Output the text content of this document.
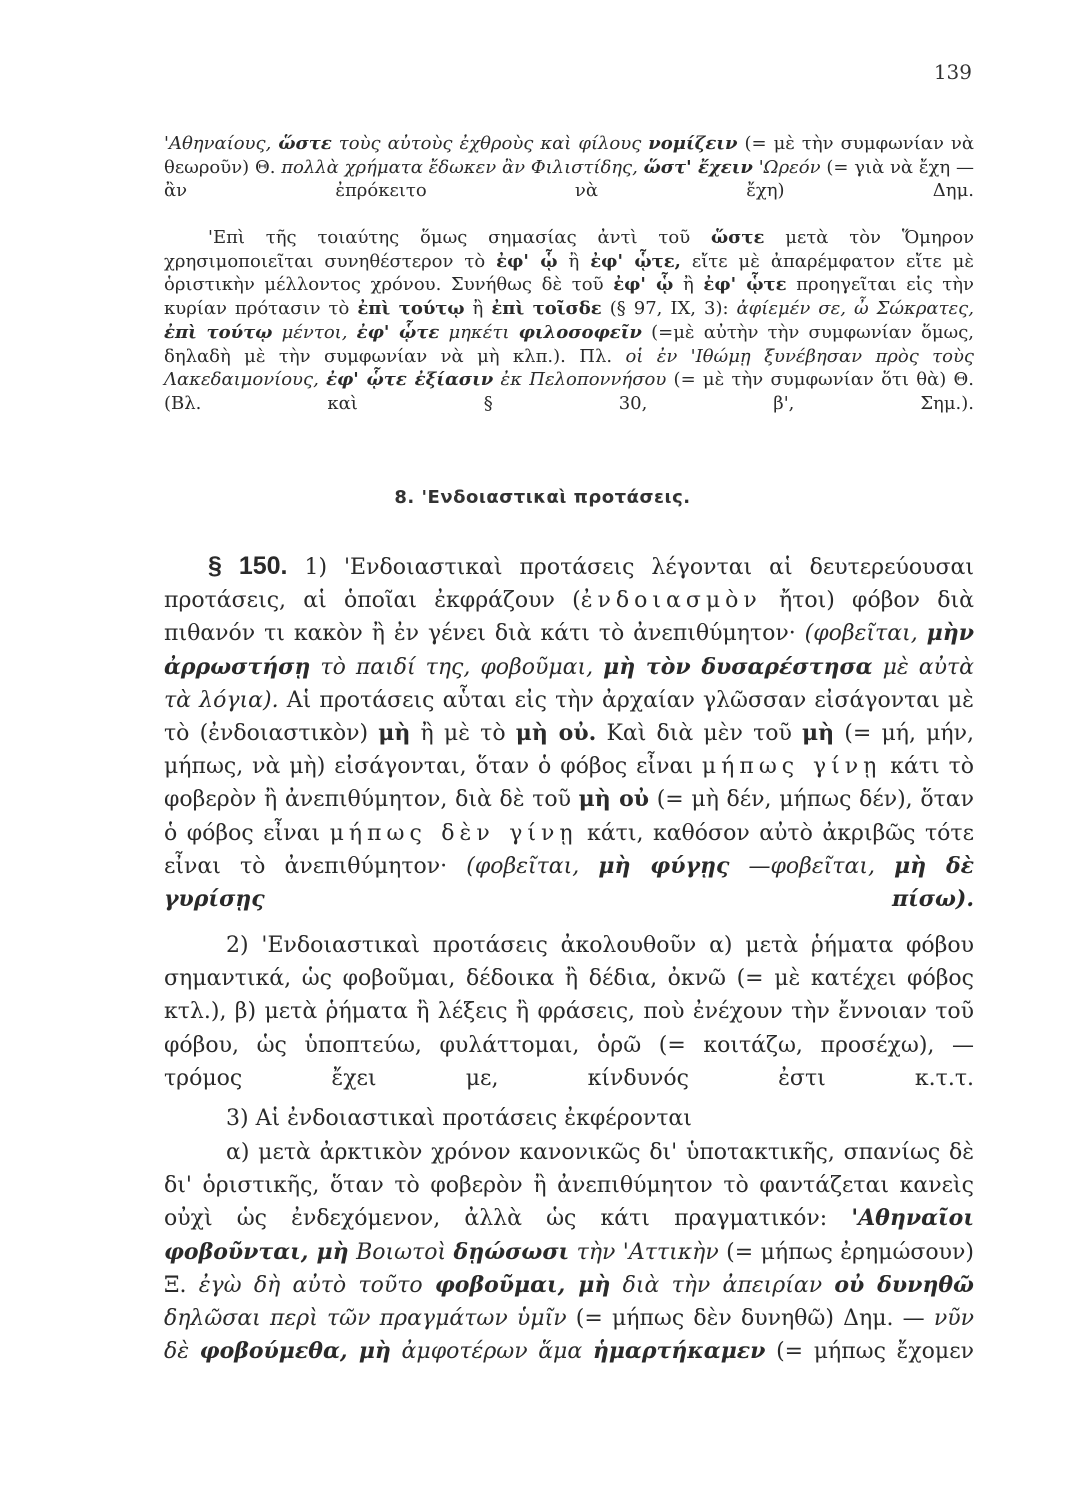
139

'Αθηναίους, ὥστε τοὺς αὐτοὺς ἐχθροὺς καὶ φίλους νομίζειν (= μὲ τὴν συμφωνίαν νὰ θεωροῦν) Θ. πολλὰ χρήματα ἔδωκεν ἂν Φιλιστίδης, ὥστ' ἔχειν 'Ωρεόν (= γιὰ νὰ ἔχη — ἂν ἐπρόκειτο νὰ ἔχη) Δημ.

'Επὶ τῆς τοιαύτης ὅμως σημασίας ἀντὶ τοῦ ὥστε μετὰ τὸν Ὅμηρον χρησιμοποιεῖται συνηθέστερον τὸ ἐφ' ᾧ ἢ ἐφ' ᾧτε, εἴτε μὲ ἀπαρέμφατον εἴτε μὲ ὁριστικὴν μέλλοντος χρόνου. Συνήθως δὲ τοῦ ἐφ' ᾧ ἢ ἐφ' ᾧτε προηγεῖται εἰς τὴν κυρίαν πρότασιν τὸ ἐπὶ τούτῳ ἢ ἐπὶ τοῖσδε (§ 97, IX, 3): ἀφίεμέν σε, ὦ Σώκρατες, ἐπὶ τούτῳ μέντοι, ἐφ' ᾧτε μηκέτι φιλοσοφεῖν (=μὲ αὐτὴν τὴν συμφωνίαν ὅμως, δηλαδὴ μὲ τὴν συμφωνίαν νὰ μὴ κλπ.). Πλ. οἱ ἐν 'Ιθώμῃ ξυνέβησαν πρὸς τοὺς Λακεδαιμονίους, ἐφ' ᾧτε ἐξίασιν ἐκ Πελοποννήσου (= μὲ τὴν συμφωνίαν ὅτι θὰ) Θ. (Βλ. καὶ § 30, β', Σημ.).

8. 'Ενδοιαστικαὶ προτάσεις.

§ 150. 1) 'Ενδοιαστικαὶ προτάσεις λέγονται αἱ δευτερεύουσαι προτάσεις, αἱ ὁποῖαι ἐκφράζουν (ἐνδοιασμὸν ἤτοι) φόβον διὰ πιθανόν τι κακὸν ἢ ἐν γένει διὰ κάτι τὸ ἀνεπιθύμητον· (φοβεῖται, μὴν ἀρρωστήσῃ τὸ παιδί της, φοβοῦμαι, μὴ τὸν δυσαρέστησα μὲ αὐτὰ τὰ λόγια). Αἱ προτάσεις αὗται εἰς τὴν ἀρχαίαν γλῶσσαν εἰσάγονται μὲ τὸ (ἐνδοιαστικὸν) μὴ ἢ μὲ τὸ μὴ οὐ. Καὶ διὰ μὲν τοῦ μὴ (= μή, μήν, μήπως, νὰ μὴ) εἰσάγονται, ὅταν ὁ φόβος εἶναι μήπως γίνῃ κάτι τὸ φοβερὸν ἢ ἀνεπιθύμητον, διὰ δὲ τοῦ μὴ οὐ (= μὴ δέν, μήπως δέν), ὅταν ὁ φόβος εἶναι μήπως δὲν γίνῃ κάτι, καθόσον αὐτὸ ἀκριβῶς τότε εἶναι τὸ ἀνεπιθύμητον· (φοβεῖται, μὴ φύγῃς —φοβεῖται, μὴ δὲ γυρίσῃς πίσω).

2) 'Ενδοιαστικαὶ προτάσεις ἀκολουθοῦν α) μετὰ ῥήματα φόβου σημαντικά, ὡς φοβοῦμαι, δέδοικα ἢ δέδια, ὀκνῶ (= μὲ κατέχει φόβος κτλ.), β) μετὰ ῥήματα ἢ λέξεις ἢ φράσεις, ποὺ ἐνέχουν τὴν ἔννοιαν τοῦ φόβου, ὡς ὑποπτεύω, φυλάττομαι, ὁρῶ (= κοιτάζω, προσέχω), — τρόμος ἔχει με, κίνδυνός ἐστι κ.τ.τ.

3) Αἱ ἐνδοιαστικαὶ προτάσεις ἐκφέρονται

α) μετὰ ἀρκτικὸν χρόνον κανονικῶς δι' ὑποτακτικῆς, σπανίως δὲ δι' ὁριστικῆς, ὅταν τὸ φοβερὸν ἢ ἀνεπιθύμητον τὸ φαντάζεται κανεὶς οὐχὶ ὡς ἐνδεχόμενον, ἀλλὰ ὡς κάτι πραγματικόν: 'Αθηναῖοι φοβοῦνται, μὴ Βοιωτοὶ δῃώσωσι τὴν 'Αττικὴν (= μήπως ἐρημώσουν) Ξ. ἐγὼ δὴ αὐτὸ τοῦτο φοβοῦμαι, μὴ διὰ τὴν ἀπειρίαν οὐ δυνηθῶ δηλῶσαι περὶ τῶν πραγμάτων ὑμῖν (= μήπως δὲν δυνηθῶ) Δημ. — νῦν δὲ φοβούμεθα, μὴ ἀμφοτέρων ἅμα ἡμαρτήκαμεν (= μήπως ἔχομεν
